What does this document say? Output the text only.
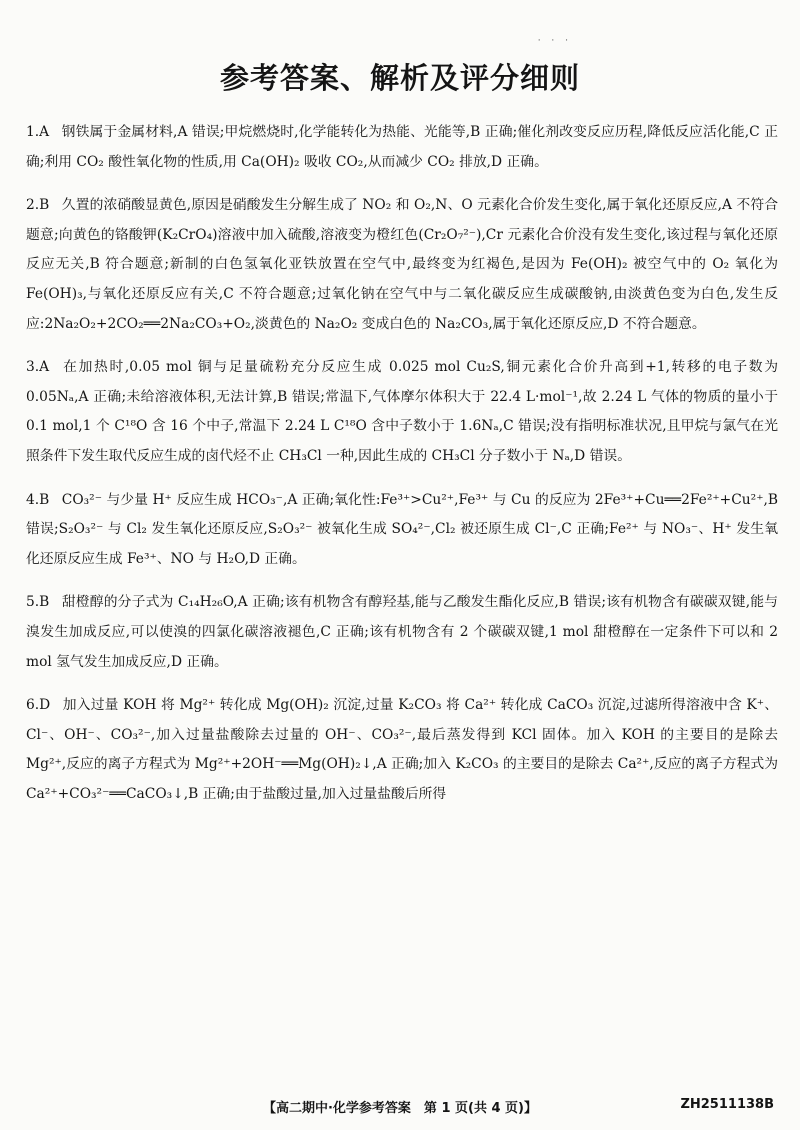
· · ·
参考答案、解析及评分细则
1.A 钢铁属于金属材料,A 错误;甲烷燃烧时,化学能转化为热能、光能等,B 正确;催化剂改变反应历程,降低反应活化能,C 正确;利用 CO₂ 酸性氧化物的性质,用 Ca(OH)₂ 吸收 CO₂,从而减少 CO₂ 排放,D 正确。
2.B 久置的浓硝酸显黄色,原因是硝酸发生分解生成了 NO₂ 和 O₂,N、O 元素化合价发生变化,属于氧化还原反应,A 不符合题意;向黄色的铬酸钾(K₂CrO₄)溶液中加入硫酸,溶液变为橙红色(Cr₂O₇²⁻),Cr 元素化合价没有发生变化,该过程与氧化还原反应无关,B 符合题意;新制的白色氢氧化亚铁放置在空气中,最终变为红褐色,是因为 Fe(OH)₂ 被空气中的 O₂ 氧化为 Fe(OH)₃,与氧化还原反应有关,C 不符合题意;过氧化钠在空气中与二氧化碳反应生成碳酸钠,由淡黄色变为白色,发生反应:2Na₂O₂+2CO₂══2Na₂CO₃+O₂,淡黄色的 Na₂O₂ 变成白色的 Na₂CO₃,属于氧化还原反应,D 不符合题意。
3.A 在加热时,0.05 mol 铜与足量硫粉充分反应生成 0.025 mol Cu₂S,铜元素化合价升高到+1,转移的电子数为 0.05Nₐ,A 正确;未给溶液体积,无法计算,B 错误;常温下,气体摩尔体积大于 22.4 L·mol⁻¹,故 2.24 L 气体的物质的量小于 0.1 mol,1 个 C¹⁸O 含 16 个中子,常温下 2.24 L C¹⁸O 含中子数小于 1.6Nₐ,C 错误;没有指明标准状况,且甲烷与氯气在光照条件下发生取代反应生成的卤代烃不止 CH₃Cl 一种,因此生成的 CH₃Cl 分子数小于 Nₐ,D 错误。
4.B CO₃²⁻ 与少量 H⁺ 反应生成 HCO₃⁻,A 正确;氧化性:Fe³⁺>Cu²⁺,Fe³⁺ 与 Cu 的反应为 2Fe³⁺+Cu══2Fe²⁺+Cu²⁺,B 错误;S₂O₃²⁻ 与 Cl₂ 发生氧化还原反应,S₂O₃²⁻ 被氧化生成 SO₄²⁻,Cl₂ 被还原生成 Cl⁻,C 正确;Fe²⁺ 与 NO₃⁻、H⁺ 发生氧化还原反应生成 Fe³⁺、NO 与 H₂O,D 正确。
5.B 甜橙醇的分子式为 C₁₄H₂₆O,A 正确;该有机物含有醇羟基,能与乙酸发生酯化反应,B 错误;该有机物含有碳碳双键,能与溴发生加成反应,可以使溴的四氯化碳溶液褪色,C 正确;该有机物含有 2 个碳碳双键,1 mol 甜橙醇在一定条件下可以和 2 mol 氢气发生加成反应,D 正确。
6.D 加入过量 KOH 将 Mg²⁺ 转化成 Mg(OH)₂ 沉淀,过量 K₂CO₃ 将 Ca²⁺ 转化成 CaCO₃ 沉淀,过滤所得溶液中含 K⁺、Cl⁻、OH⁻、CO₃²⁻,加入过量盐酸除去过量的 OH⁻、CO₃²⁻,最后蒸发得到 KCl 固体。加入 KOH 的主要目的是除去 Mg²⁺,反应的离子方程式为 Mg²⁺+2OH⁻══Mg(OH)₂↓,A 正确;加入 K₂CO₃ 的主要目的是除去 Ca²⁺,反应的离子方程式为 Ca²⁺+CO₃²⁻══CaCO₃↓,B 正确;由于盐酸过量,加入过量盐酸后所得
【高二期中·化学参考答案　第 1 页(共 4 页)】	ZH2511138B
